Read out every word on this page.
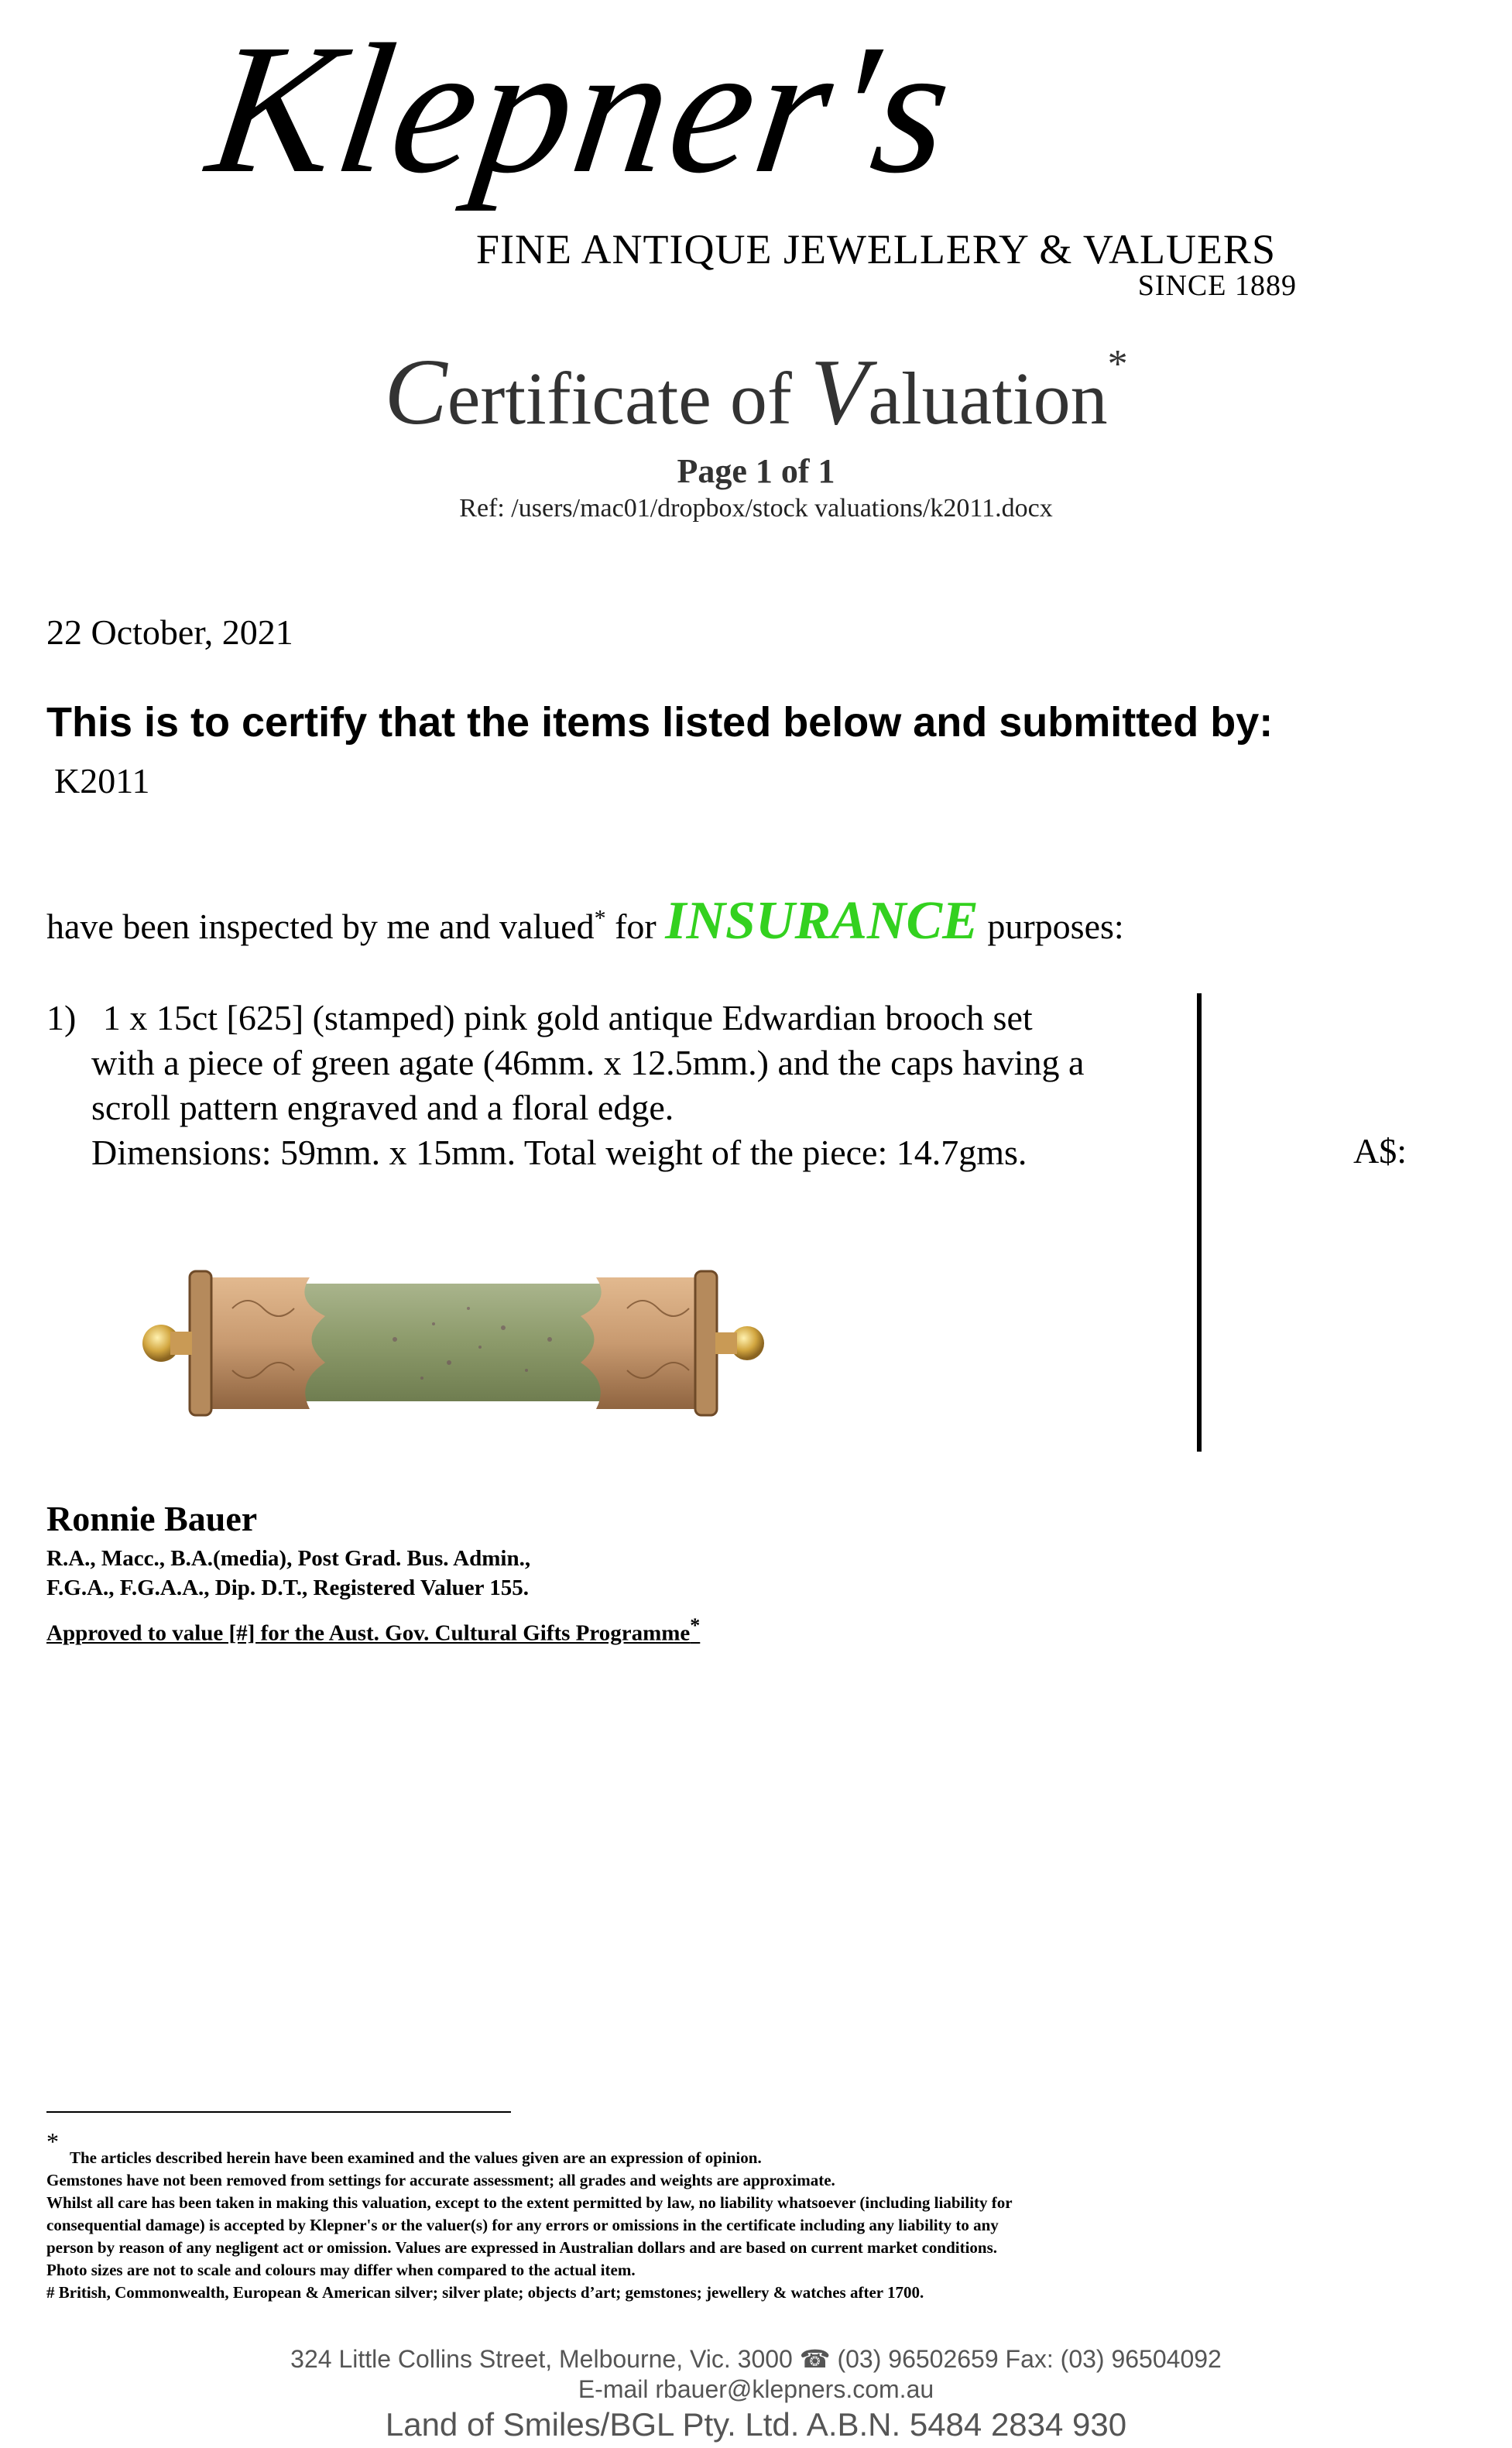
Klepner's
FINE ANTIQUE JEWELLERY & VALUERS
SINCE 1889
Certificate of Valuation*
Page 1 of 1
Ref: /users/mac01/dropbox/stock valuations/k2011.docx
22 October, 2021
This is to certify that the items listed below and submitted by:
K2011
have been inspected by me and valued* for INSURANCE purposes:
1) 1 x 15ct [625] (stamped) pink gold antique Edwardian brooch set
with a piece of green agate (46mm. x 12.5mm.) and the caps having a
scroll pattern engraved and a floral edge.
Dimensions: 59mm. x 15mm. Total weight of the piece: 14.7gms.	A$:
Ronnie Bauer
R.A., Macc., B.A.(media), Post Grad. Bus. Admin.,
F.G.A., F.G.A.A., Dip. D.T., Registered Valuer 155.
Approved to value [#] for the Aust. Gov. Cultural Gifts Programme*
*
The articles described herein have been examined and the values given are an expression of opinion.
Gemstones have not been removed from settings for accurate assessment; all grades and weights are approximate.
Whilst all care has been taken in making this valuation, except to the extent permitted by law, no liability whatsoever (including liability for
consequential damage) is accepted by Klepner's or the valuer(s) for any errors or omissions in the certificate including any liability to any
person by reason of any negligent act or omission. Values are expressed in Australian dollars and are based on current market conditions.
Photo sizes are not to scale and colours may differ when compared to the actual item.
# British, Commonwealth, European & American silver; silver plate; objects d’art; gemstones; jewellery & watches after 1700.
324 Little Collins Street, Melbourne, Vic. 3000 ☎ (03) 96502659 Fax: (03) 96504092
E-mail rbauer@klepners.com.au
Land of Smiles/BGL Pty. Ltd. A.B.N. 5484 2834 930
